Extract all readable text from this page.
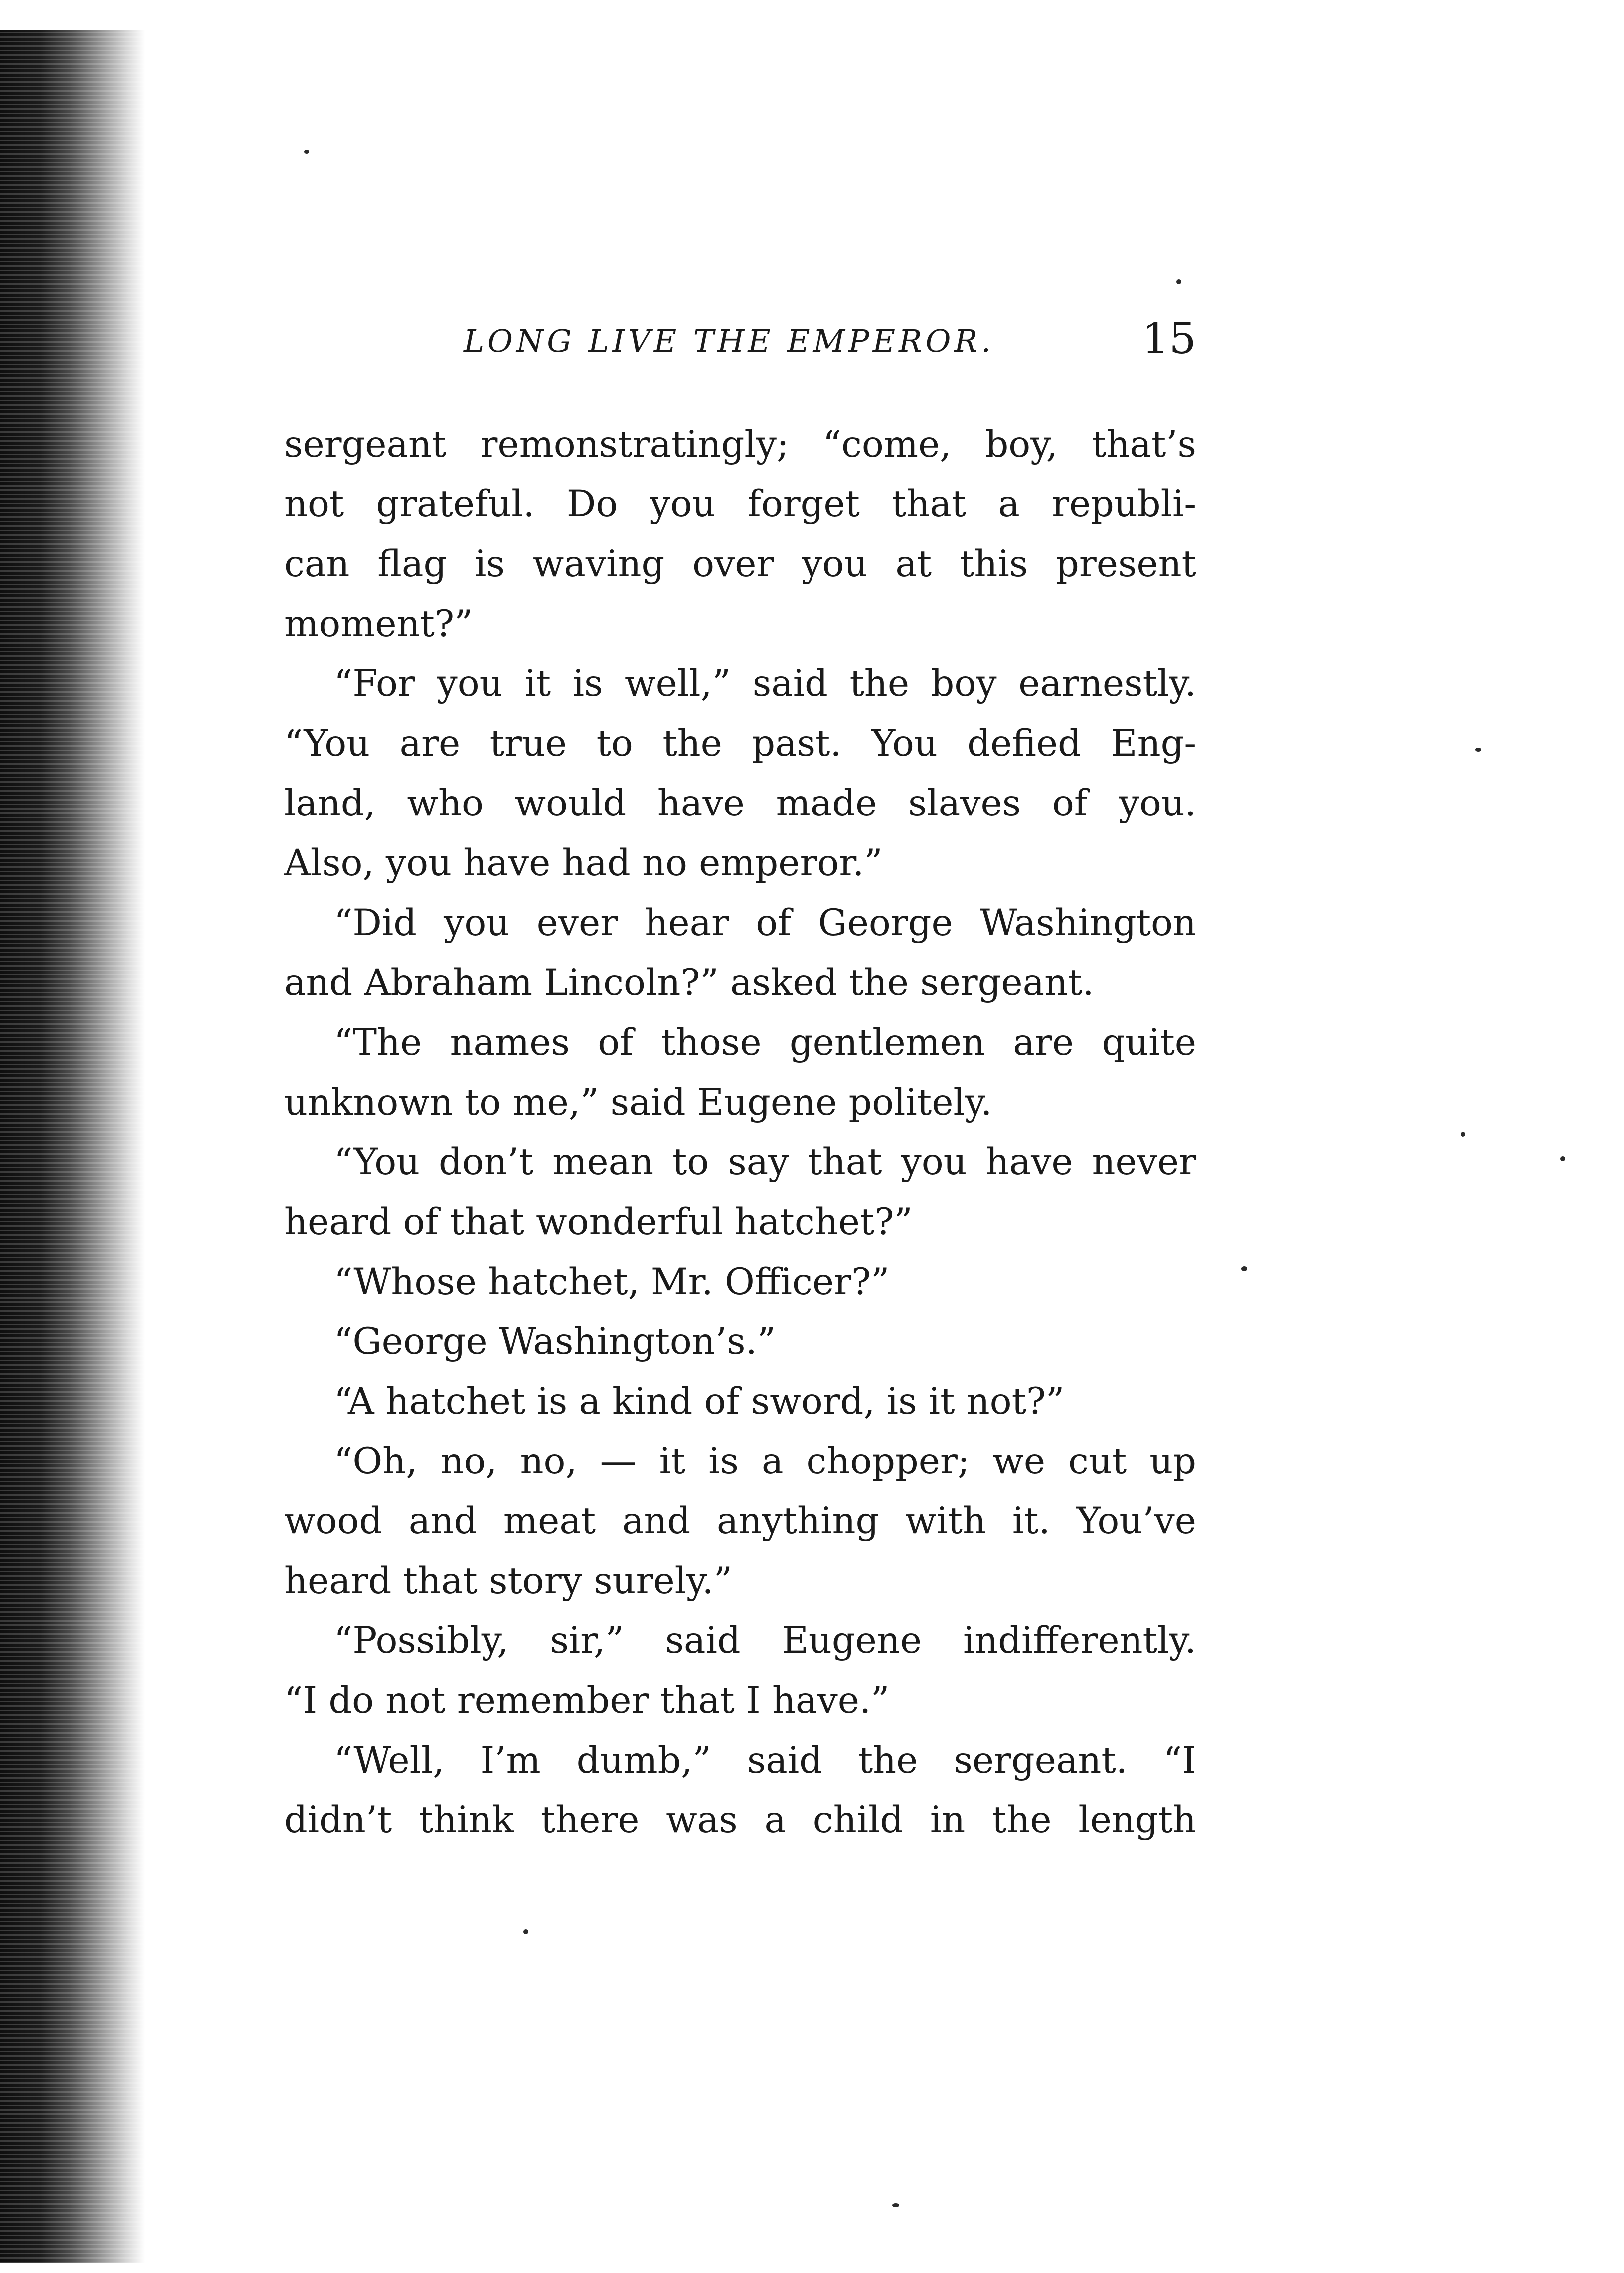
LONG LIVE THE EMPEROR.	15
sergeant remonstratingly; “come, boy, that’s
not grateful. Do you forget that a republi-
can flag is waving over you at this present
moment?”
“For you it is well,” said the boy earnestly.
“You are true to the past. You defied Eng-
land, who would have made slaves of you.
Also, you have had no emperor.”
“Did you ever hear of George Washington
and Abraham Lincoln?” asked the sergeant.
“The names of those gentlemen are quite
unknown to me,” said Eugene politely.
“You don’t mean to say that you have never
heard of that wonderful hatchet?”
“Whose hatchet, Mr. Officer?”
“George Washington’s.”
“A hatchet is a kind of sword, is it not?”
“Oh, no, no, — it is a chopper; we cut up
wood and meat and anything with it. You’ve
heard that story surely.”
“Possibly, sir,” said Eugene indifferently.
“I do not remember that I have.”
“Well, I’m dumb,” said the sergeant. “I
didn’t think there was a child in the length
